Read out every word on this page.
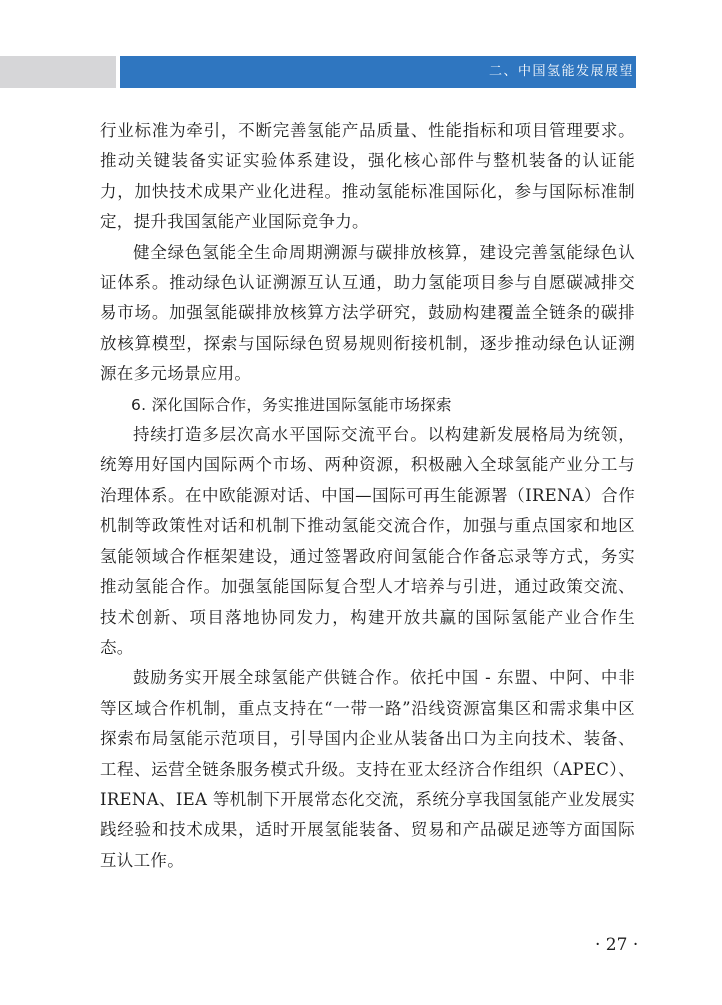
二、中国氢能发展展望

行业标准为牵引，不断完善氢能产品质量、性能指标和项目管理要求。推动关键装备实证实验体系建设，强化核心部件与整机装备的认证能力，加快技术成果产业化进程。推动氢能标准国际化，参与国际标准制定，提升我国氢能产业国际竞争力。

健全绿色氢能全生命周期溯源与碳排放核算，建设完善氢能绿色认证体系。推动绿色认证溯源互认互通，助力氢能项目参与自愿碳减排交易市场。加强氢能碳排放核算方法学研究，鼓励构建覆盖全链条的碳排放核算模型，探索与国际绿色贸易规则衔接机制，逐步推动绿色认证溯源在多元场景应用。

6. 深化国际合作，务实推进国际氢能市场探索

持续打造多层次高水平国际交流平台。以构建新发展格局为统领，统筹用好国内国际两个市场、两种资源，积极融入全球氢能产业分工与治理体系。在中欧能源对话、中国—国际可再生能源署（IRENA）合作机制等政策性对话和机制下推动氢能交流合作，加强与重点国家和地区氢能领域合作框架建设，通过签署政府间氢能合作备忘录等方式，务实推动氢能合作。加强氢能国际复合型人才培养与引进，通过政策交流、技术创新、项目落地协同发力，构建开放共赢的国际氢能产业合作生态。

鼓励务实开展全球氢能产供链合作。依托中国 - 东盟、中阿、中非等区域合作机制，重点支持在“一带一路”沿线资源富集区和需求集中区探索布局氢能示范项目，引导国内企业从装备出口为主向技术、装备、工程、运营全链条服务模式升级。支持在亚太经济合作组织（APEC）、IRENA、IEA 等机制下开展常态化交流，系统分享我国氢能产业发展实践经验和技术成果，适时开展氢能装备、贸易和产品碳足迹等方面国际互认工作。

· 27 ·
